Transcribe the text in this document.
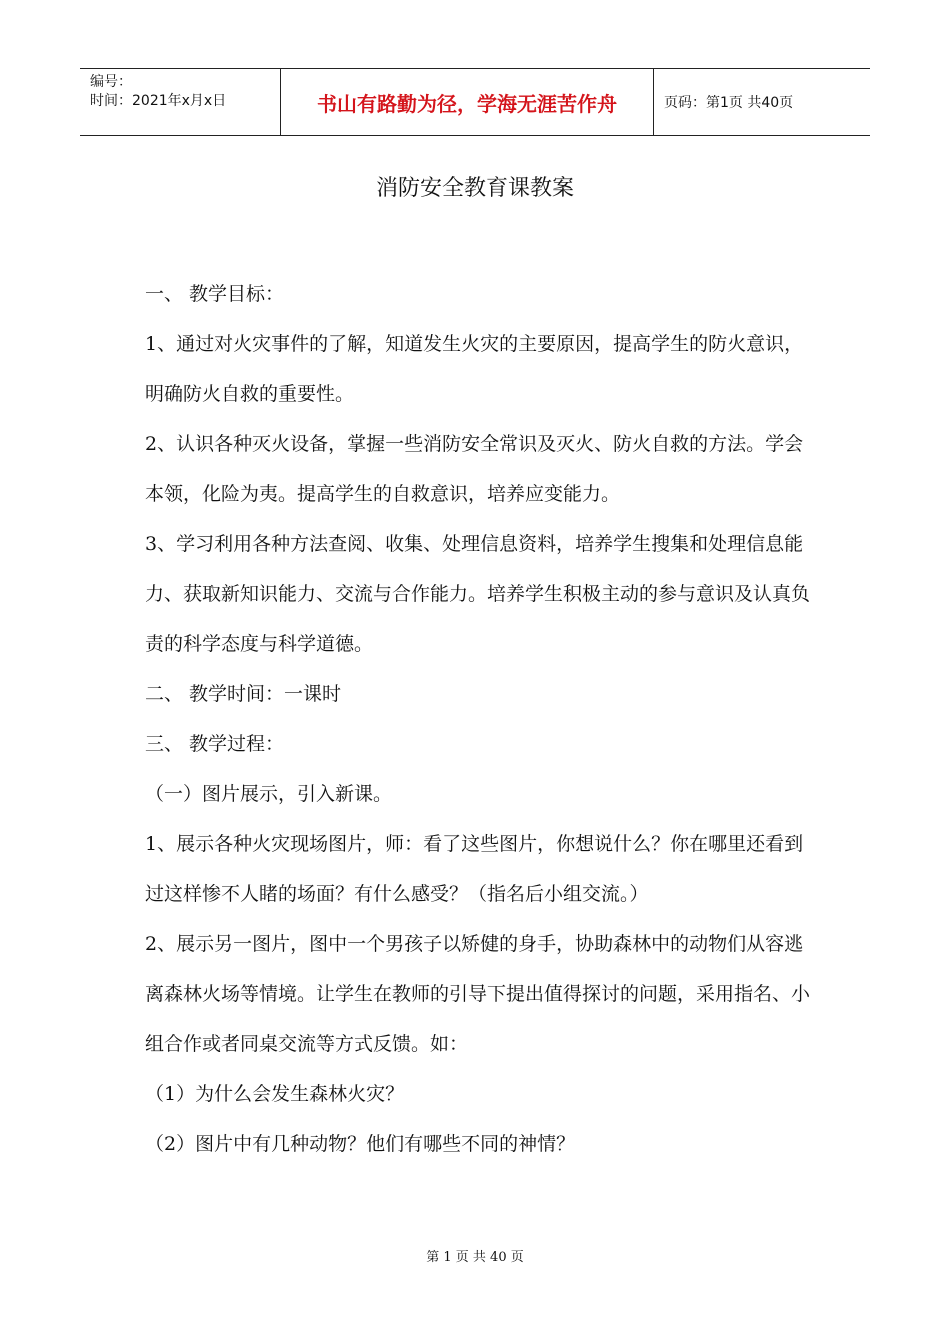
编号：
时间：2021年x月x日	书山有路勤为径，学海无涯苦作舟	页码：第1页 共40页
消防安全教育课教案

一、 教学目标：

1、通过对火灾事件的了解，知道发生火灾的主要原因，提高学生的防火意识，明确防火自救的重要性。

2、认识各种灭火设备，掌握一些消防安全常识及灭火、防火自救的方法。学会本领，化险为夷。提高学生的自救意识，培养应变能力。

3、学习利用各种方法查阅、收集、处理信息资料，培养学生搜集和处理信息能力、获取新知识能力、交流与合作能力。培养学生积极主动的参与意识及认真负责的科学态度与科学道德。

二、 教学时间：一课时

三、 教学过程：

（一）图片展示，引入新课。

1、展示各种火灾现场图片，师：看了这些图片，你想说什么？你在哪里还看到过这样惨不人睹的场面？有什么感受？（指名后小组交流。）

2、展示另一图片，图中一个男孩子以矫健的身手，协助森林中的动物们从容逃离森林火场等情境。让学生在教师的引导下提出值得探讨的问题，采用指名、小组合作或者同桌交流等方式反馈。如：

（1）为什么会发生森林火灾？

（2）图片中有几种动物？他们有哪些不同的神情？

第 1 页 共 40 页
